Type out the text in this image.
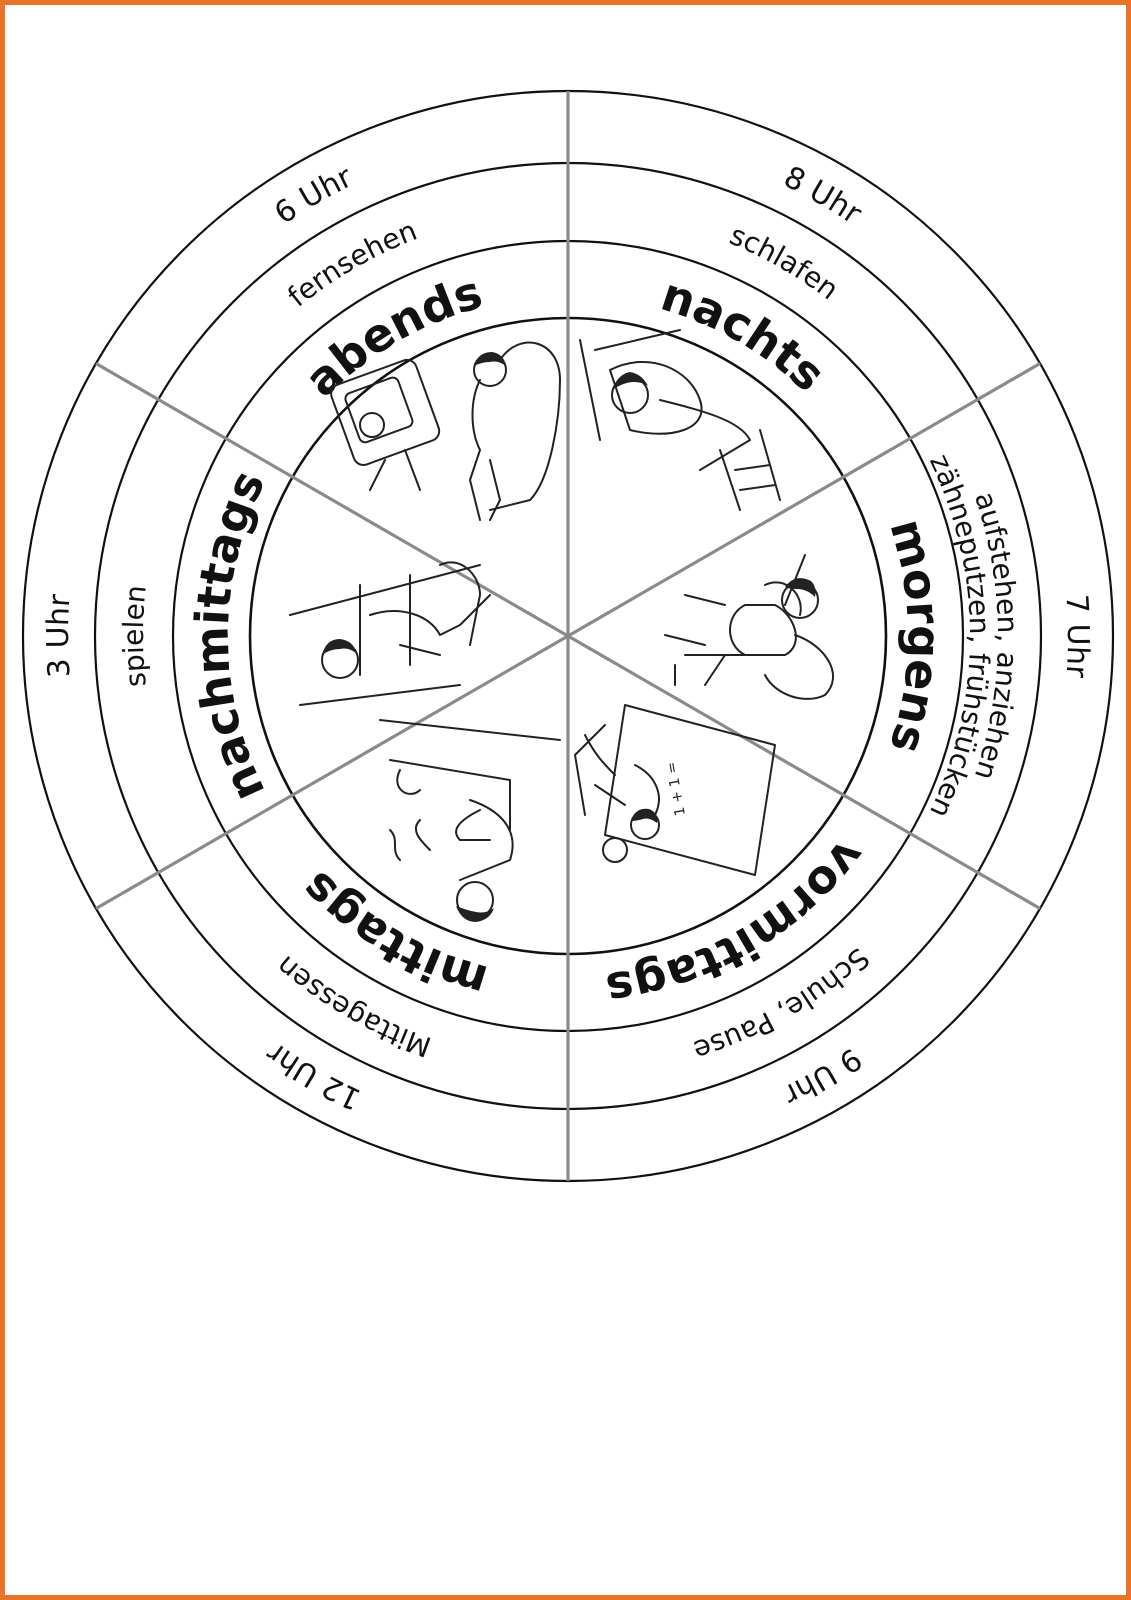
8 Uhr
nachts
schlafen
7 Uhr
morgens
aufstehen, anziehen
zähneputzen, frühstücken
9 Uhr
vormittags	Schule, Pause
12 Uhr
mittags
Mittagessen
3 Uhr
nachmittags
spielen
6 Uhr
abends
fernsehen
1 + 1 =
